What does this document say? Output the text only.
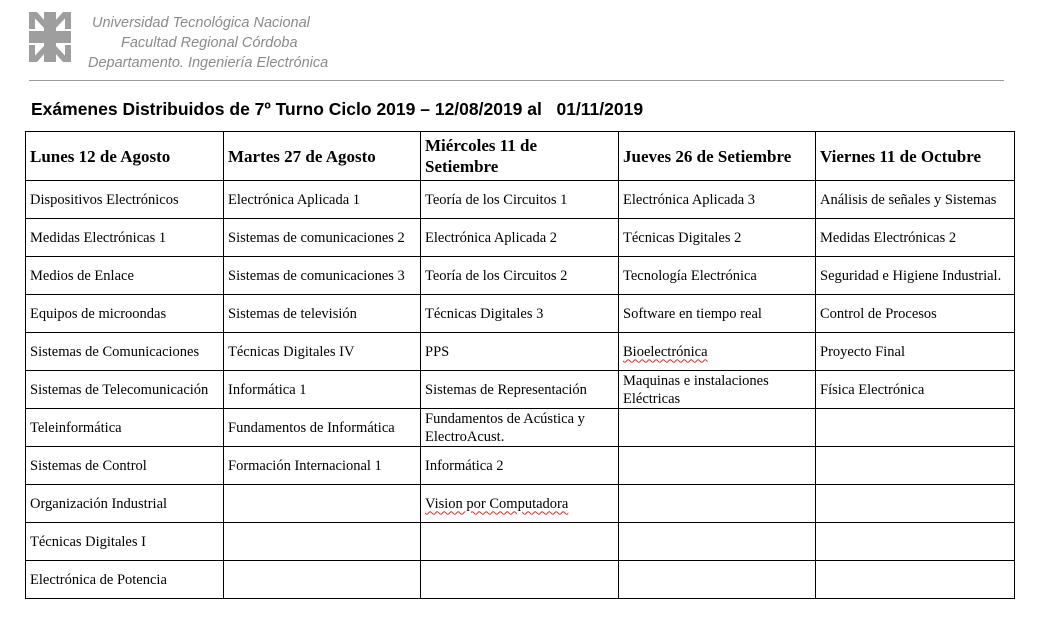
Universidad Tecnológica Nacional
Facultad Regional Córdoba
Departamento. Ingeniería Electrónica
Exámenes Distribuidos de 7º Turno Ciclo 2019 – 12/08/2019 al   01/11/2019
Lunes 12 de Agosto	Martes 27 de Agosto	Miércoles 11 de Setiembre	Jueves 26 de Setiembre	Viernes 11 de Octubre
Dispositivos Electrónicos	Electrónica Aplicada 1	Teoría de los Circuitos 1	Electrónica Aplicada 3	Análisis de señales y Sistemas
Medidas Electrónicas 1	Sistemas de comunicaciones 2	Electrónica Aplicada 2	Técnicas Digitales 2	Medidas Electrónicas 2
Medios de Enlace	Sistemas de comunicaciones 3	Teoría de los Circuitos 2	Tecnología Electrónica	Seguridad e Higiene Industrial.
Equipos de microondas	Sistemas de televisión	Técnicas Digitales 3	Software en tiempo real	Control de Procesos
Sistemas de Comunicaciones	Técnicas Digitales IV	PPS	Bioelectrónica	Proyecto Final
Sistemas de Telecomunicación	Informática 1	Sistemas de Representación	Maquinas e instalaciones Eléctricas	Física Electrónica
Teleinformática	Fundamentos de Informática	Fundamentos de Acústica y ElectroAcust.		
Sistemas de Control	Formación Internacional 1	Informática 2		
Organización Industrial		Vision por Computadora		
Técnicas Digitales I				
Electrónica de Potencia				
